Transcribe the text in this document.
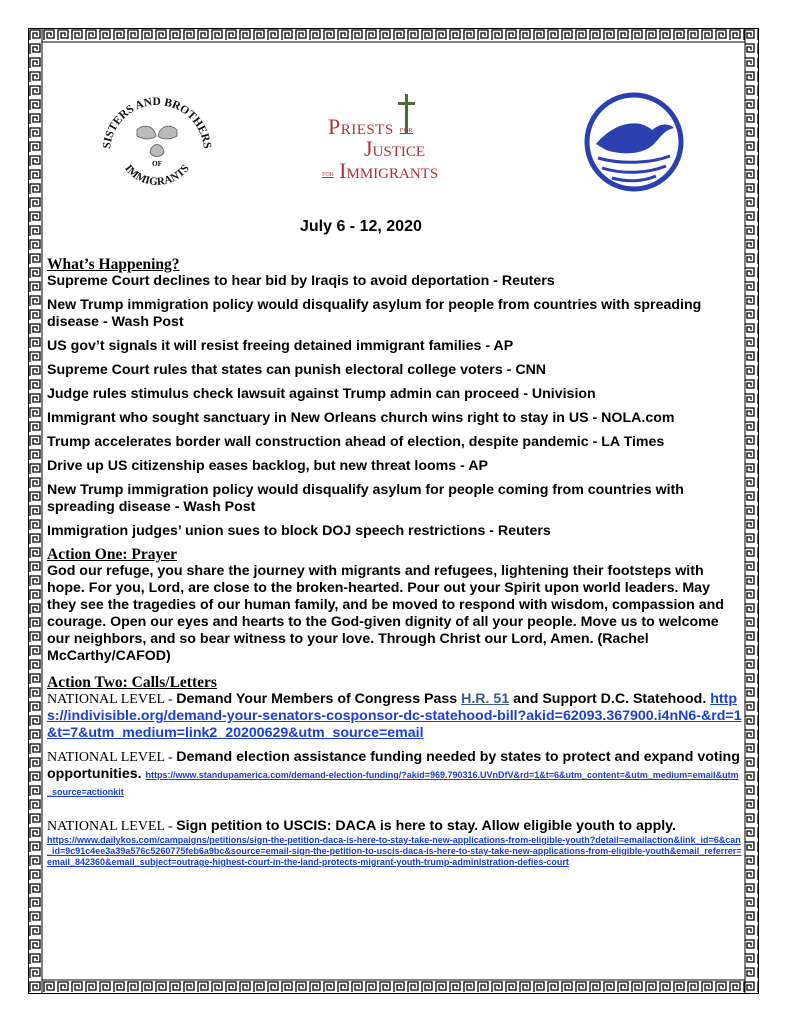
SISTERS AND BROTHERS
IMMIGRANTS
OF
Priests for
Justice
for Immigrants
July 6 - 12, 2020
What’s Happening?

Supreme Court declines to hear bid by Iraqis to avoid deportation - Reuters

New Trump immigration policy would disqualify asylum for people from countries with spreading disease - Wash Post

US gov’t signals it will resist freeing detained immigrant families - AP

Supreme Court rules that states can punish electoral college voters - CNN

Judge rules stimulus check lawsuit against Trump admin can proceed - Univision

Immigrant who sought sanctuary in New Orleans church wins right to stay in US - NOLA.com

Trump accelerates border wall construction ahead of election, despite pandemic - LA Times

Drive up US citizenship eases backlog, but new threat looms - AP

New Trump immigration policy would disqualify asylum for people coming from countries with spreading disease - Wash Post

Immigration judges’ union sues to block DOJ speech restrictions - Reuters

Action One: Prayer

God our refuge, you share the journey with migrants and refugees, lightening their footsteps with hope. For you, Lord, are close to the broken-hearted. Pour out your Spirit upon world leaders. May they see the tragedies of our human family, and be moved to respond with wisdom, compassion and courage. Open our eyes and hearts to the God-given dignity of all your people. Move us to welcome our neighbors, and so bear witness to your love. Through Christ our Lord, Amen. (Rachel McCarthy/CAFOD)

Action Two: Calls/Letters

NATIONAL LEVEL - Demand Your Members of Congress Pass H.R. 51 and Support D.C. Statehood. https://indivisible.org/demand-your-senators-cosponsor-dc-statehood-bill?akid=62093.367900.i4nN6-&rd=1&t=7&utm_medium=link2_20200629&utm_source=email

NATIONAL LEVEL - Demand election assistance funding needed by states to protect and expand voting opportunities. https://www.standupamerica.com/demand-election-funding/?akid=969.790316.UVnDfV&rd=1&t=6&utm_content=&utm_medium=email&utm_source=actionkit

NATIONAL LEVEL - Sign petition to USCIS: DACA is here to stay. Allow eligible youth to apply.

https://www.dailykos.com/campaigns/petitions/sign-the-petition-daca-is-here-to-stay-take-new-applications-from-eligible-youth?detail=emailaction&link_id=6&can_id=9c91c4ee3a39a576c5260775feb6a9bc&source=email-sign-the-petition-to-uscis-daca-is-here-to-stay-take-new-applications-from-eligible-youth&email_referrer=email_842360&email_subject=outrage-highest-court-in-the-land-protects-migrant-youth-trump-administration-defies-court
